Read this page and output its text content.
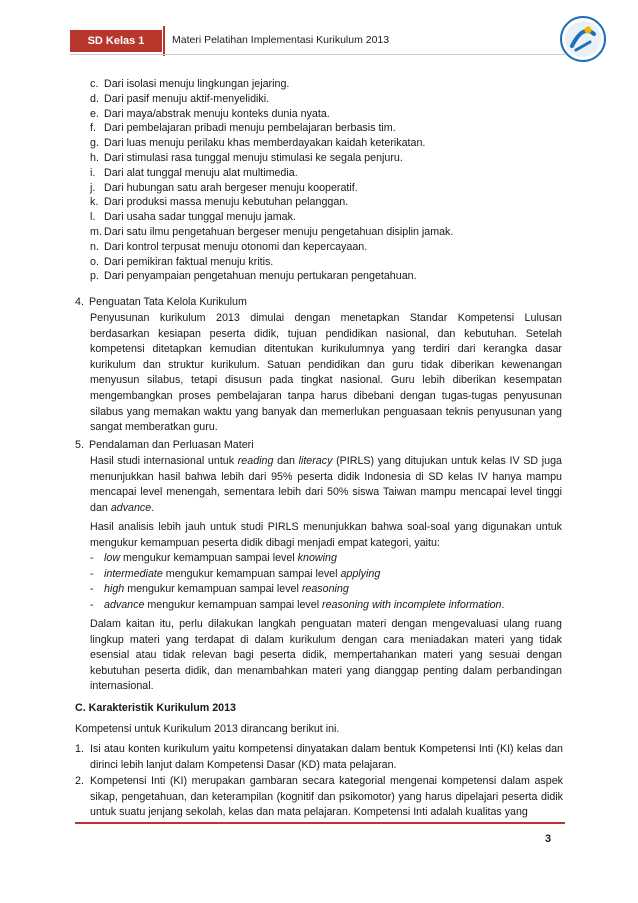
SD Kelas 1	Materi Pelatihan Implementasi Kurikulum 2013
c. Dari isolasi menuju lingkungan jejaring.
d. Dari pasif menuju aktif-menyelidiki.
e. Dari maya/abstrak menuju konteks dunia nyata.
f. Dari pembelajaran pribadi menuju pembelajaran berbasis tim.
g. Dari luas menuju perilaku khas memberdayakan kaidah keterikatan.
h. Dari stimulasi rasa tunggal menuju stimulasi ke segala penjuru.
i. Dari alat tunggal menuju alat multimedia.
j. Dari hubungan satu arah bergeser menuju kooperatif.
k. Dari produksi massa menuju kebutuhan pelanggan.
l. Dari usaha sadar tunggal menuju jamak.
m. Dari satu ilmu pengetahuan bergeser menuju pengetahuan disiplin jamak.
n. Dari kontrol terpusat menuju otonomi dan kepercayaan.
o. Dari pemikiran faktual menuju kritis.
p. Dari penyampaian pengetahuan menuju pertukaran pengetahuan.
4. Penguatan Tata Kelola Kurikulum
Penyusunan kurikulum 2013 dimulai dengan menetapkan Standar Kompetensi Lulusan berdasarkan kesiapan peserta didik, tujuan pendidikan nasional, dan kebutuhan. Setelah kompetensi ditetapkan kemudian ditentukan kurikulumnya yang terdiri dari kerangka dasar kurikulum dan struktur kurikulum. Satuan pendidikan dan guru tidak diberikan kewenangan menyusun silabus, tetapi disusun pada tingkat nasional. Guru lebih diberikan kesempatan mengembangkan proses pembelajaran tanpa harus dibebani dengan tugas-tugas penyusunan silabus yang memakan waktu yang banyak dan memerlukan penguasaan teknis penyusunan yang sangat memberatkan guru.
5. Pendalaman dan Perluasan Materi
Hasil studi internasional untuk reading dan literacy (PIRLS) yang ditujukan untuk kelas IV SD juga menunjukkan hasil bahwa lebih dari 95% peserta didik Indonesia di SD kelas IV hanya mampu mencapai level menengah, sementara lebih dari 50% siswa Taiwan mampu mencapai level tinggi dan advance.
Hasil analisis lebih jauh untuk studi PIRLS menunjukkan bahwa soal-soal yang digunakan untuk mengukur kemampuan peserta didik dibagi menjadi empat kategori, yaitu:
- low mengukur kemampuan sampai level knowing
- intermediate mengukur kemampuan sampai level applying
- high mengukur kemampuan sampai level reasoning
- advance mengukur kemampuan sampai level reasoning with incomplete information.
Dalam kaitan itu, perlu dilakukan langkah penguatan materi dengan mengevaluasi ulang ruang lingkup materi yang terdapat di dalam kurikulum dengan cara meniadakan materi yang tidak esensial atau tidak relevan bagi peserta didik, mempertahankan materi yang sesuai dengan kebutuhan peserta didik, dan menambahkan materi yang dianggap penting dalam perbandingan internasional.
C. Karakteristik Kurikulum 2013
Kompetensi untuk Kurikulum 2013 dirancang berikut ini.
1. Isi atau konten kurikulum yaitu kompetensi dinyatakan dalam bentuk Kompetensi Inti (KI) kelas dan dirinci lebih lanjut dalam Kompetensi Dasar (KD) mata pelajaran.
2. Kompetensi Inti (KI) merupakan gambaran secara kategorial mengenai kompetensi dalam aspek sikap, pengetahuan, dan keterampilan (kognitif dan psikomotor) yang harus dipelajari peserta didik untuk suatu jenjang sekolah, kelas dan mata pelajaran. Kompetensi Inti adalah kualitas yang
3
